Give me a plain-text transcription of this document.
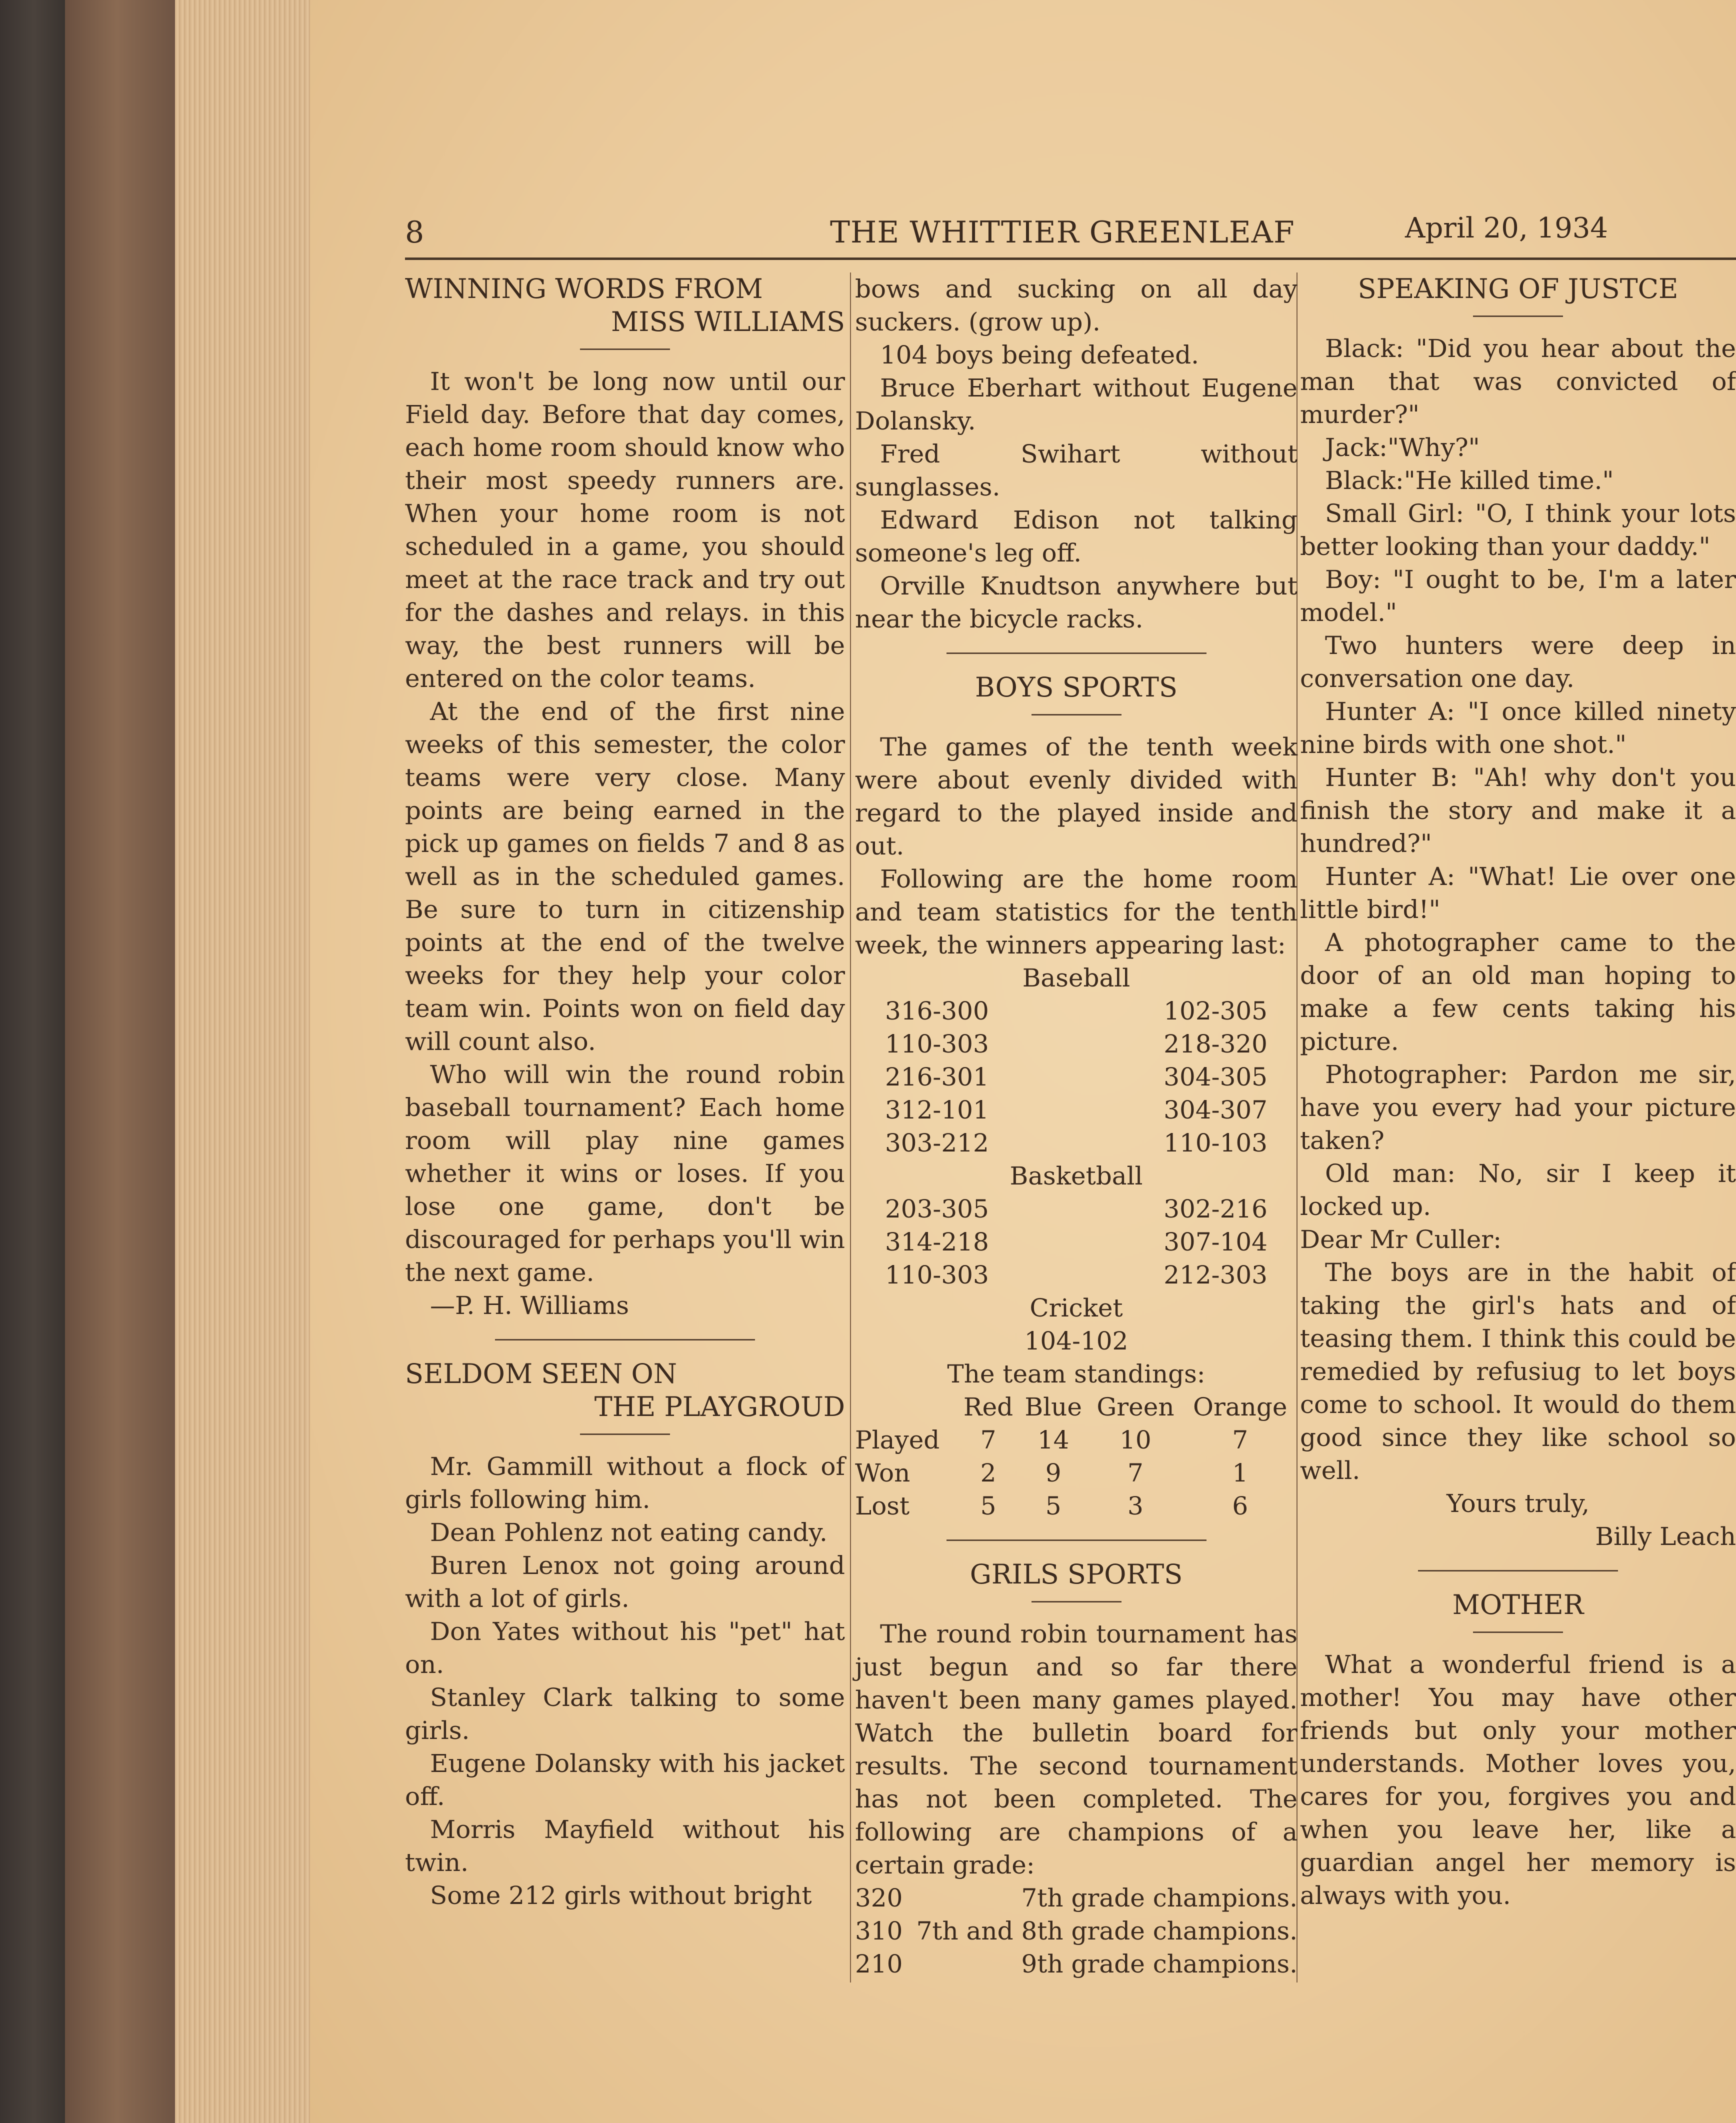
8	THE WHITTIER GREENLEAF	April 20, 1934
WINNING WORDS FROM
MISS WILLIAMS

It won't be long now until our Field day. Before that day comes, each home room should know who their most speedy runners are. When your home room is not scheduled in a game, you should meet at the race track and try out for the dashes and relays. in this way, the best runners will be entered on the color teams.

At the end of the first nine weeks of this semester, the color teams were very close. Many points are being earned in the pick up games on fields 7 and 8 as well as in the scheduled games. Be sure to turn in citizenship points at the end of the twelve weeks for they help your color team win. Points won on field day will count also.

Who will win the round robin baseball tournament? Each home room will play nine games whether it wins or loses. If you lose one game, don't be discouraged for perhaps you'll win the next game.

—P. H. Williams

SELDOM SEEN ON
THE PLAYGROUD

Mr. Gammill without a flock of girls following him.

Dean Pohlenz not eating candy.

Buren Lenox not going around with a lot of girls.

Don Yates without his "pet" hat on.

Stanley Clark talking to some girls.

Eugene Dolansky with his jacket off.

Morris Mayfield without his twin.

Some 212 girls without bright

bows and sucking on all day suckers. (grow up).

104 boys being defeated.

Bruce Eberhart without Eugene Dolansky.

Fred Swihart without sunglasses.

Edward Edison not talking someone's leg off.

Orville Knudtson anywhere but near the bicycle racks.

BOYS SPORTS

The games of the tenth week were about evenly divided with regard to the played inside and out.

Following are the home room and team statistics for the tenth week, the winners appearing last:

Baseball
316-300	102-305
110-303	218-320
216-301	304-305
312-101	304-307
303-212	110-103
Basketball
203-305	302-216
314-218	307-104
110-303	212-303
Cricket
104-102
The team standings:
	Red	Blue	Green	Orange
Played	7	14	10	7
Won	2	9	7	1
Lost	5	5	3	6
GRILS SPORTS

The round robin tournament has just begun and so far there haven't been many games played. Watch the bulletin board for results. The second tournament has not been completed. The following are champions of a certain grade:

320	7th grade champions.
310 7th and 8th grade champions.
210	9th grade champions.
SPEAKING OF JUSTCE

Black: "Did you hear about the man that was convicted of murder?"

Jack:"Why?"

Black:"He killed time."

Small Girl: "O, I think your lots better looking than your daddy."

Boy: "I ought to be, I'm a later model."

Two hunters were deep in conversation one day.

Hunter A: "I once killed ninety nine birds with one shot."

Hunter B: "Ah! why don't you finish the story and make it a hundred?"

Hunter A: "What! Lie over one little bird!"

A photographer came to the door of an old man hoping to make a few cents taking his picture.

Photographer: Pardon me sir, have you every had your picture taken?

Old man: No, sir I keep it locked up.

Dear Mr Culler:

The boys are in the habit of taking the girl's hats and of teasing them. I think this could be remedied by refusiug to let boys come to school. It would do them good since they like school so well.

Yours truly,
Billy Leach
MOTHER

What a wonderful friend is a mother! You may have other friends but only your mother understands. Mother loves you, cares for you, forgives you and when you leave her, like a guardian angel her memory is always with you.
